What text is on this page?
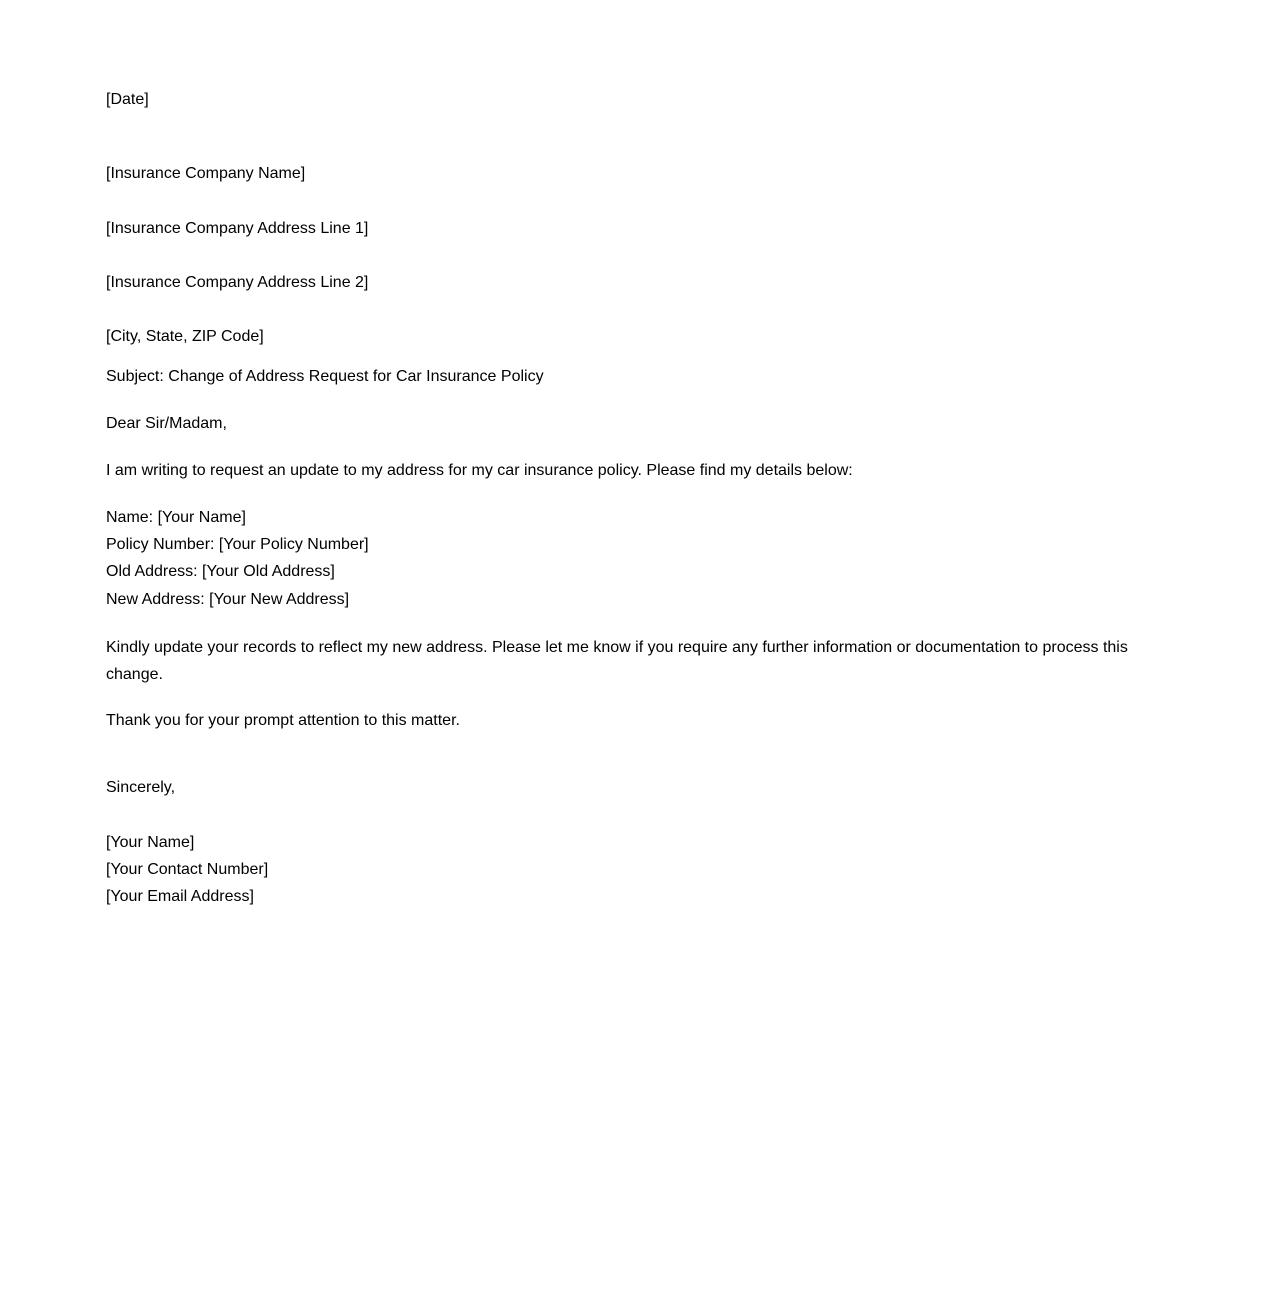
[Date]
[Insurance Company Name]
[Insurance Company Address Line 1]
[Insurance Company Address Line 2]
[City, State, ZIP Code]
Subject: Change of Address Request for Car Insurance Policy
Dear Sir/Madam,
I am writing to request an update to my address for my car insurance policy. Please find my details below:
Name: [Your Name]
Policy Number: [Your Policy Number]
Old Address: [Your Old Address]
New Address: [Your New Address]
Kindly update your records to reflect my new address. Please let me know if you require any further information or documentation to process this change.
Thank you for your prompt attention to this matter.
Sincerely,
[Your Name]
[Your Contact Number]
[Your Email Address]
